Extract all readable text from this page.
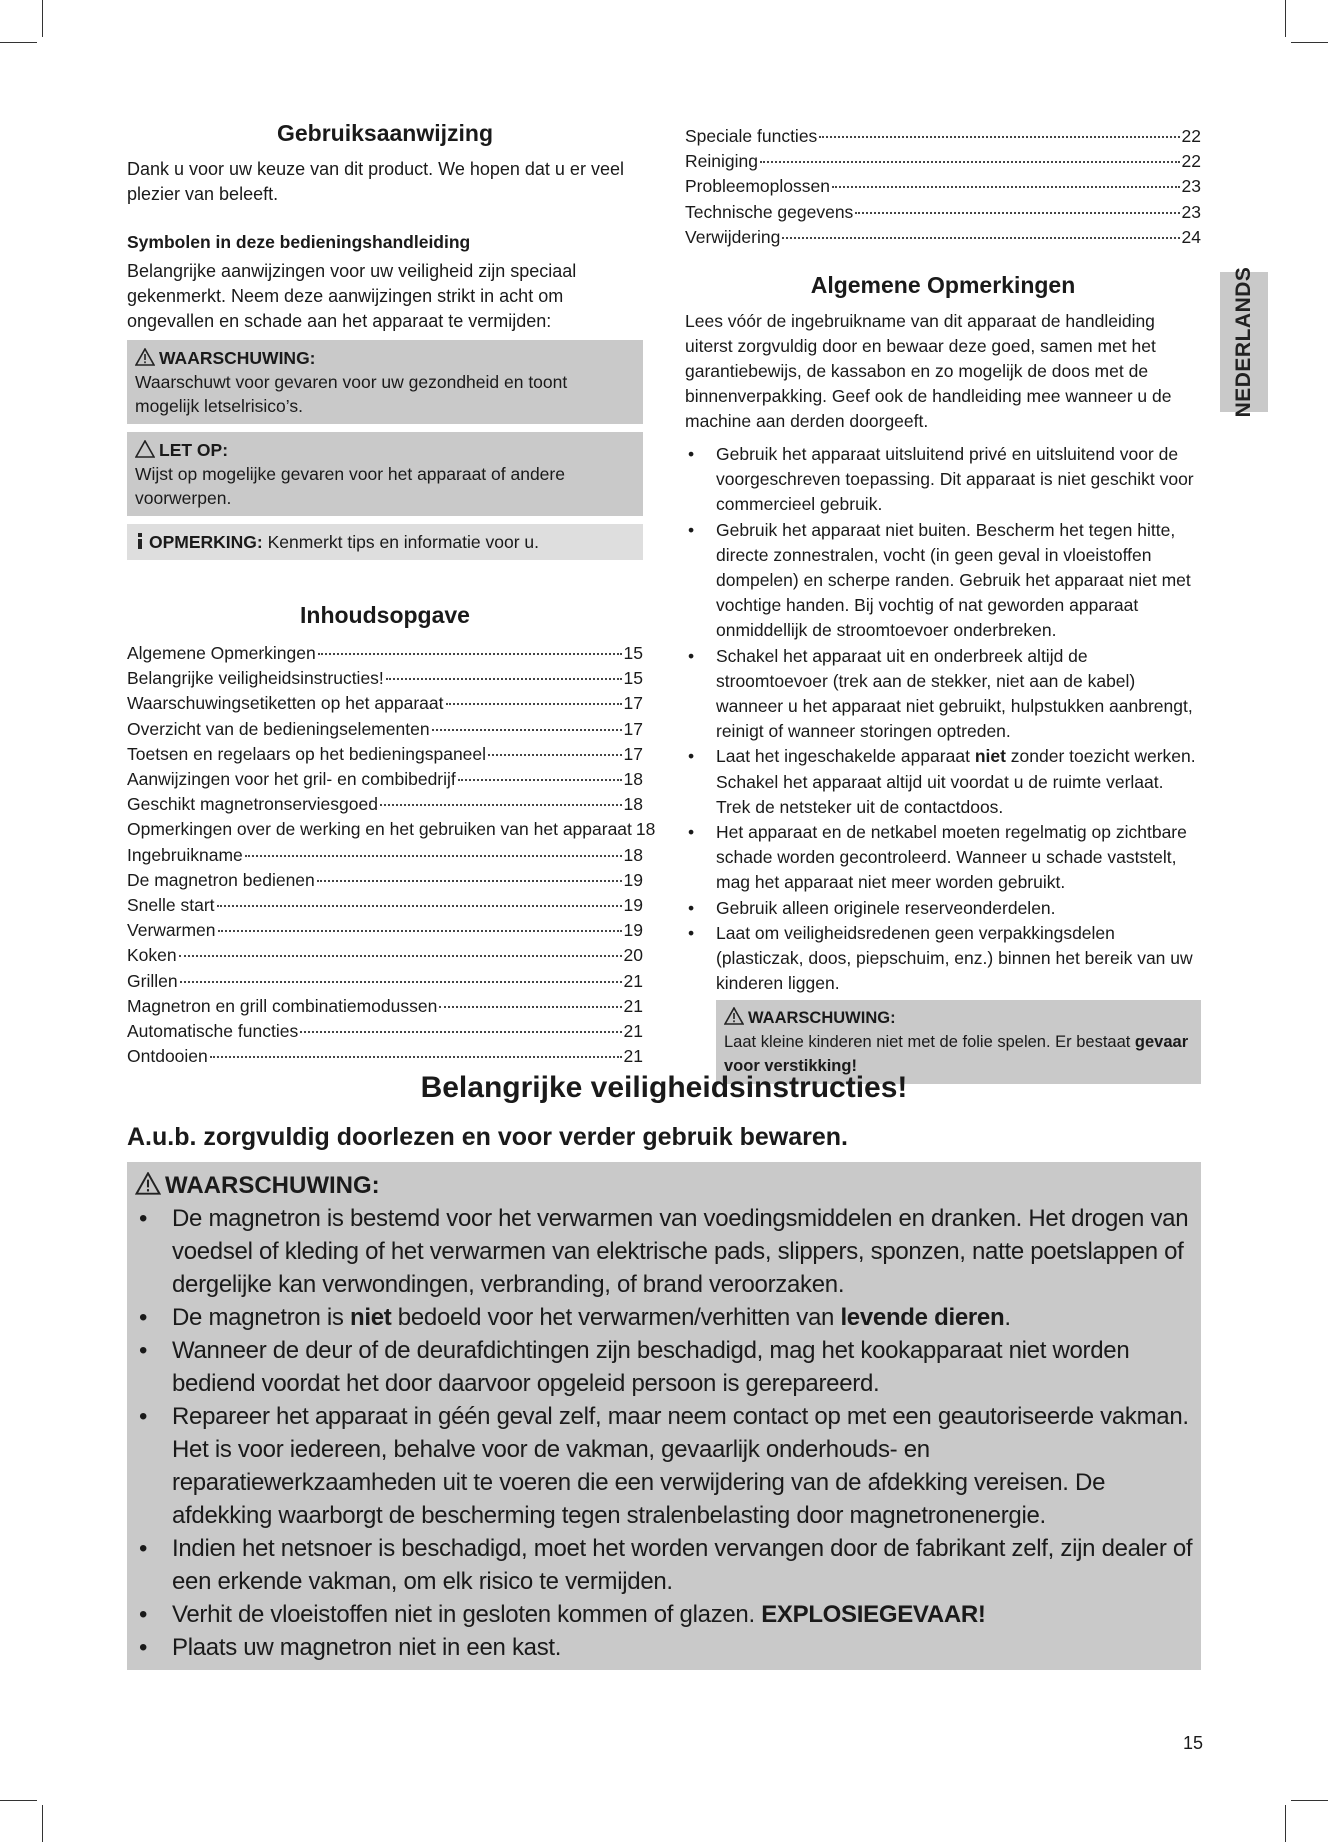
NEDERLANDS
Gebruiksaanwijzing

Dank u voor uw keuze van dit product. We hopen dat u er veel plezier van beleeft.

Symbolen in deze bedieningshandleiding

Belangrijke aanwijzingen voor uw veiligheid zijn speciaal gekenmerkt. Neem deze aanwijzingen strikt in acht om ongevallen en schade aan het apparaat te vermijden:

WAARSCHUWING:
Waarschuwt voor gevaren voor uw gezondheid en toont mogelijk letselrisico’s.
LET OP:
Wijst op mogelijke gevaren voor het apparaat of andere voorwerpen.
OPMERKING: Kenmerkt tips en informatie voor u.
Inhoudsopgave
Algemene Opmerkingen	15
Belangrijke veiligheidsinstructies!	15
Waarschuwingsetiketten op het apparaat	17
Overzicht van de bedieningselementen	17
Toetsen en regelaars op het bedieningspaneel	17
Aanwijzingen voor het gril- en combibedrijf	18
Geschikt magnetronserviesgoed	18
Opmerkingen over de werking en het gebruiken van het apparaat 18
Ingebruikname	18
De magnetron bedienen	19
Snelle start	19
Verwarmen	19
Koken	20
Grillen	21
Magnetron en grill combinatiemodussen	21
Automatische functies	21
Ontdooien	21
Speciale functies	22
Reiniging	22
Probleemoplossen	23
Technische gegevens	23
Verwijdering	24
Algemene Opmerkingen

Lees vóór de ingebruikname van dit apparaat de handleiding uiterst zorgvuldig door en bewaar deze goed, samen met het garantiebewijs, de kassabon en zo mogelijk de doos met de binnenverpakking. Geef ook de handleiding mee wanneer u de machine aan derden doorgeeft.

• Gebruik het apparaat uitsluitend privé en uitsluitend voor de voorgeschreven toepassing. Dit apparaat is niet geschikt voor commercieel gebruik.
• Gebruik het apparaat niet buiten. Bescherm het tegen hitte, directe zonnestralen, vocht (in geen geval in vloeistoffen dompelen) en scherpe randen. Gebruik het apparaat niet met vochtige handen. Bij vochtig of nat geworden apparaat onmiddellijk de stroomtoevoer onderbreken.
• Schakel het apparaat uit en onderbreek altijd de stroomtoevoer (trek aan de stekker, niet aan de kabel) wanneer u het apparaat niet gebruikt, hulpstukken aanbrengt, reinigt of wanneer storingen optreden.
• Laat het ingeschakelde apparaat niet zonder toezicht werken. Schakel het apparaat altijd uit voordat u de ruimte verlaat. Trek de netsteker uit de contactdoos.
• Het apparaat en de netkabel moeten regelmatig op zichtbare schade worden gecontroleerd. Wanneer u schade vaststelt, mag het apparaat niet meer worden gebruikt.
• Gebruik alleen originele reserveonderdelen.
• Laat om veiligheidsredenen geen verpakkingsdelen (plasticzak, doos, piepschuim, enz.) binnen het bereik van uw kinderen liggen.
WAARSCHUWING:
Laat kleine kinderen niet met de folie spelen. Er bestaat gevaar voor verstikking!
Belangrijke veiligheidsinstructies!
A.u.b. zorgvuldig doorlezen en voor verder gebruik bewaren.
WAARSCHUWING:
• De magnetron is bestemd voor het verwarmen van voedingsmiddelen en dranken. Het drogen van voedsel of kleding of het verwarmen van elektrische pads, slippers, sponzen, natte poetslappen of dergelijke kan verwondingen, verbranding, of brand veroorzaken.
• De magnetron is niet bedoeld voor het verwarmen/verhitten van levende dieren.
• Wanneer de deur of de deurafdichtingen zijn beschadigd, mag het kookapparaat niet worden bediend voordat het door daarvoor opgeleid persoon is gerepareerd.
• Repareer het apparaat in géén geval zelf, maar neem contact op met een geautoriseerde vakman. Het is voor iedereen, behalve voor de vakman, gevaarlijk onderhouds- en reparatiewerkzaamheden uit te voeren die een verwijdering van de afdekking vereisen. De afdekking waarborgt de bescherming tegen stralenbelasting door magnetronenergie.
• Indien het netsnoer is beschadigd, moet het worden vervangen door de fabrikant zelf, zijn dealer of een erkende vakman, om elk risico te vermijden.
• Verhit de vloeistoffen niet in gesloten kommen of glazen. EXPLOSIEGEVAAR!
• Plaats uw magnetron niet in een kast.
15
